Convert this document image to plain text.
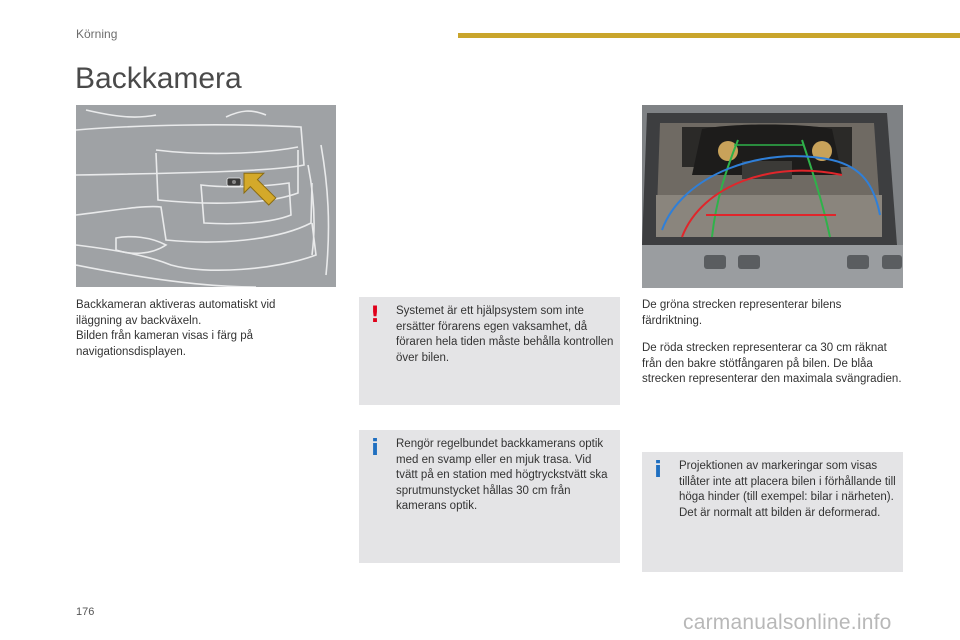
Körning
Backkamera

Backkameran aktiveras automatiskt vid iläggning av backväxeln.

Bilden från kameran visas i färg på navigationsdisplayen.

! Systemet är ett hjälpsystem som inte ersätter förarens egen vaksamhet, då föraren hela tiden måste behålla kontrollen över bilen.
i Rengör regelbundet backkamerans optik med en svamp eller en mjuk trasa. Vid tvätt på en station med högtryckstvätt ska sprutmunstycket hållas 30 cm från kamerans optik.

De gröna strecken representerar bilens färdriktning.

De röda strecken representerar ca 30 cm räknat från den bakre stötfångaren på bilen. De blåa strecken representerar den maximala svängradien.

i Projektionen av markeringar som visas tillåter inte att placera bilen i förhållande till höga hinder (till exempel: bilar i närheten).
Det är normalt att bilden är deformerad.
176	carmanualsonline.info
